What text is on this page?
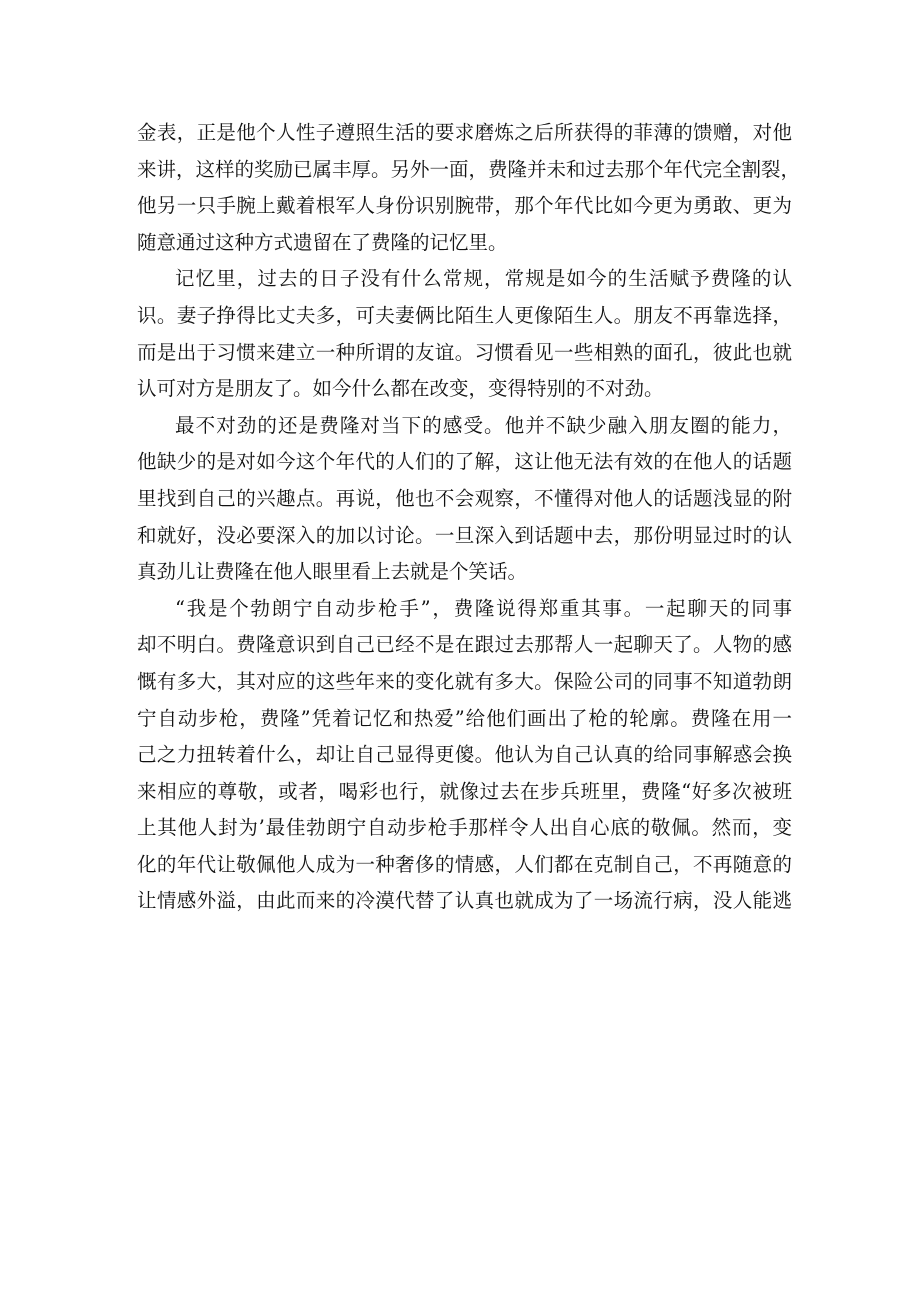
金表，正是他个人性子遵照生活的要求磨炼之后所获得的菲薄的馈赠，对他
来讲，这样的奖励已属丰厚。另外一面，费隆并未和过去那个年代完全割裂，
他另一只手腕上戴着根军人身份识别腕带，那个年代比如今更为勇敢、更为
随意通过这种方式遗留在了费隆的记忆里。
记忆里，过去的日子没有什么常规，常规是如今的生活赋予费隆的认
识。妻子挣得比丈夫多，可夫妻俩比陌生人更像陌生人。朋友不再靠选择，
而是出于习惯来建立一种所谓的友谊。习惯看见一些相熟的面孔，彼此也就
认可对方是朋友了。如今什么都在改变，变得特别的不对劲。
最不对劲的还是费隆对当下的感受。他并不缺少融入朋友圈的能力，
他缺少的是对如今这个年代的人们的了解，这让他无法有效的在他人的话题
里找到自己的兴趣点。再说，他也不会观察，不懂得对他人的话题浅显的附
和就好，没必要深入的加以讨论。一旦深入到话题中去，那份明显过时的认
真劲儿让费隆在他人眼里看上去就是个笑话。
“我是个勃朗宁自动步枪手”，费隆说得郑重其事。一起聊天的同事
却不明白。费隆意识到自己已经不是在跟过去那帮人一起聊天了。人物的感
慨有多大，其对应的这些年来的变化就有多大。保险公司的同事不知道勃朗
宁自动步枪，费隆”凭着记忆和热爱”给他们画出了枪的轮廓。费隆在用一
己之力扭转着什么，却让自己显得更傻。他认为自己认真的给同事解惑会换
来相应的尊敬，或者，喝彩也行，就像过去在步兵班里，费隆“好多次被班
上其他人封为’最佳勃朗宁自动步枪手那样令人出自心底的敬佩。然而，变
化的年代让敬佩他人成为一种奢侈的情感，人们都在克制自己，不再随意的
让情感外溢，由此而来的冷漠代替了认真也就成为了一场流行病，没人能逃
